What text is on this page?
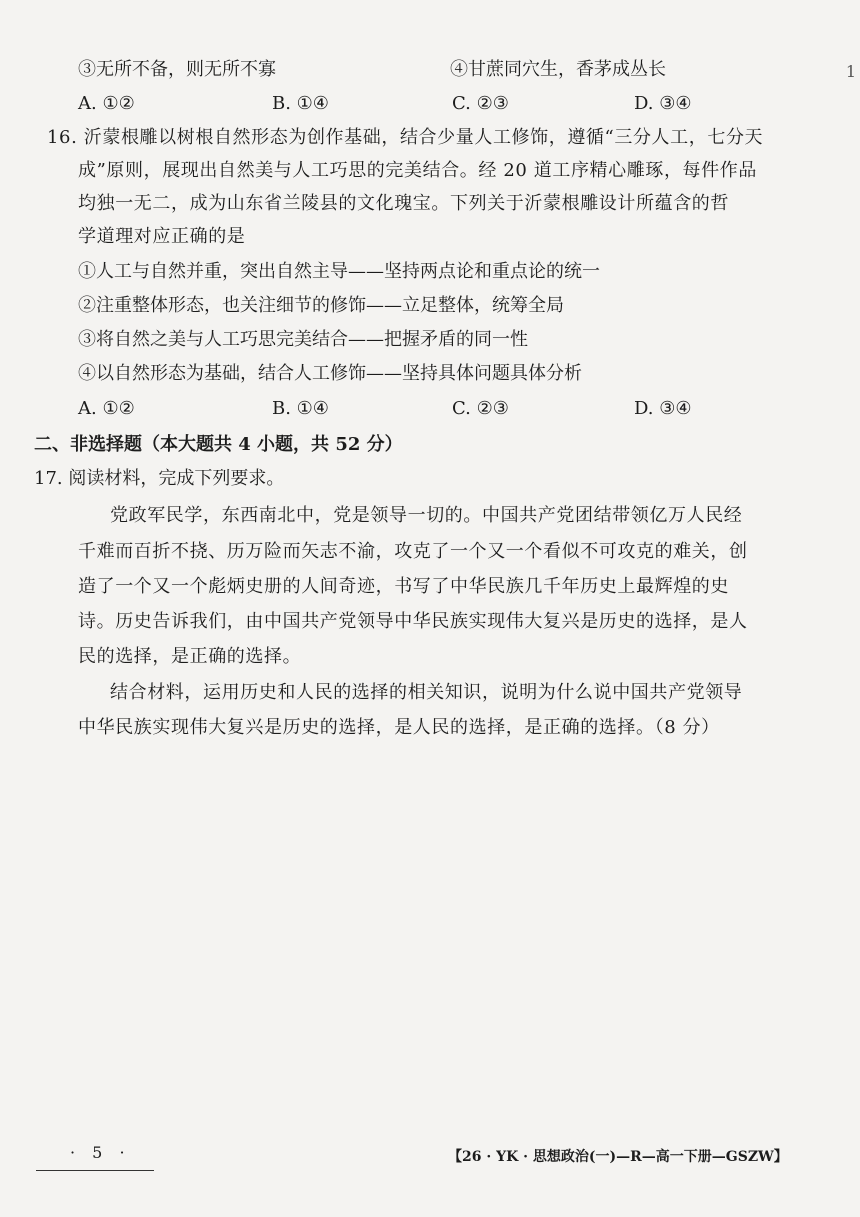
③无所不备，则无所不寡	④甘蔗同穴生，香茅成丛长	1
A. ①②	B. ①④	C. ②③	D. ③④
16. 沂蒙根雕以树根自然形态为创作基础，结合少量人工修饰，遵循“三分人工，七分天
成”原则，展现出自然美与人工巧思的完美结合。经 20 道工序精心雕琢，每件作品
均独一无二，成为山东省兰陵县的文化瑰宝。下列关于沂蒙根雕设计所蕴含的哲
学道理对应正确的是
①人工与自然并重，突出自然主导——坚持两点论和重点论的统一
②注重整体形态，也关注细节的修饰——立足整体，统筹全局
③将自然之美与人工巧思完美结合——把握矛盾的同一性
④以自然形态为基础，结合人工修饰——坚持具体问题具体分析
A. ①②	B. ①④	C. ②③	D. ③④
二、非选择题（本大题共 4 小题，共 52 分）
17. 阅读材料，完成下列要求。
党政军民学，东西南北中，党是领导一切的。中国共产党团结带领亿万人民经
千难而百折不挠、历万险而矢志不渝，攻克了一个又一个看似不可攻克的难关，创
造了一个又一个彪炳史册的人间奇迹，书写了中华民族几千年历史上最辉煌的史
诗。历史告诉我们，由中国共产党领导中华民族实现伟大复兴是历史的选择，是人
民的选择，是正确的选择。
结合材料，运用历史和人民的选择的相关知识，说明为什么说中国共产党领导
中华民族实现伟大复兴是历史的选择，是人民的选择，是正确的选择。（8 分）
· 5 ·	【26 · YK · 思想政治(一)—R—高一下册—GSZW】
